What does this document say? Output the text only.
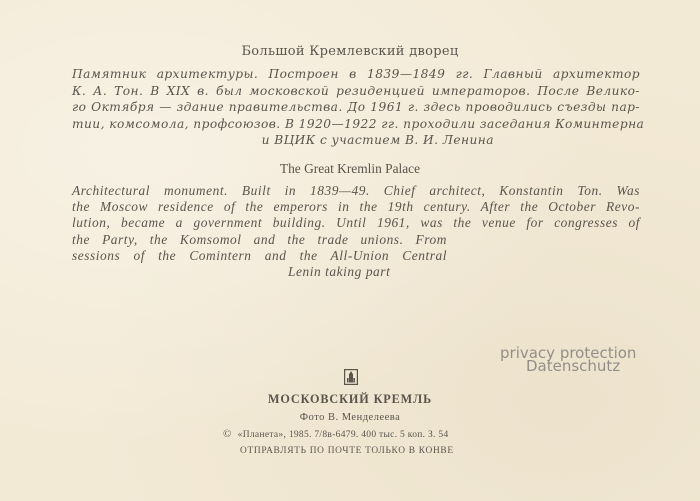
Большой Кремлевский дворец
Памятник архитектуры. Построен в 1839—1849 гг. Главный архитектор
К. А. Тон. В XIX в. был московской резиденцией императоров. После Велико-
го Октября — здание правительства. До 1961 г. здесь проводились съезды пар-
тии, комсомола, профсоюзов. В 1920—1922 гг. проходили заседания Коминтерна
и ВЦИК с участием В. И. Ленина
The Great Kremlin Palace
Architectural monument. Built in 1839—49. Chief architect, Konstantin Ton. Was
the Moscow residence of the emperors in the 19th century. After the October Revo-
lution, became a government building. Until 1961, was the venue for congresses of
the Party, the Komsomol and the trade unions. From
sessions of the Comintern and the All-Union Central
Lenin taking part
privacy protection
Datenschutz
МОСКОВСКИЙ КРЕМЛЬ
Фото В. Менделеева
© «Планета», 1985. 7/8в-6479. 400 тыс. 5 коп. З. 54
ОТПРАВЛЯТЬ ПО ПОЧТЕ ТОЛЬКО В КОНВЕ
